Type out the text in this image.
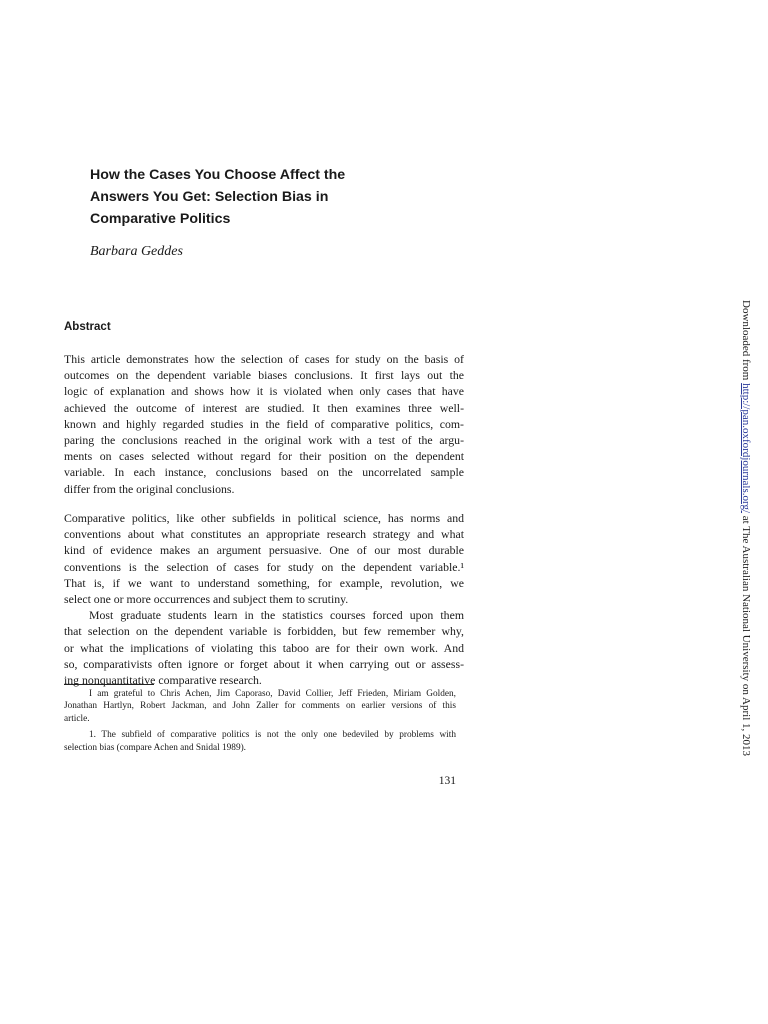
How the Cases You Choose Affect the
Answers You Get: Selection Bias in
Comparative Politics
Barbara Geddes
Abstract
This article demonstrates how the selection of cases for study on the basis of
outcomes on the dependent variable biases conclusions. It first lays out the
logic of explanation and shows how it is violated when only cases that have
achieved the outcome of interest are studied. It then examines three well-
known and highly regarded studies in the field of comparative politics, com-
paring the conclusions reached in the original work with a test of the argu-
ments on cases selected without regard for their position on the dependent
variable. In each instance, conclusions based on the uncorrelated sample
differ from the original conclusions.
Comparative politics, like other subfields in political science, has norms and
conventions about what constitutes an appropriate research strategy and what
kind of evidence makes an argument persuasive. One of our most durable
conventions is the selection of cases for study on the dependent variable.¹
That is, if we want to understand something, for example, revolution, we
select one or more occurrences and subject them to scrutiny.
Most graduate students learn in the statistics courses forced upon them
that selection on the dependent variable is forbidden, but few remember why,
or what the implications of violating this taboo are for their own work. And
so, comparativists often ignore or forget about it when carrying out or assess-
ing nonquantitative comparative research.
I am grateful to Chris Achen, Jim Caporaso, David Collier, Jeff Frieden, Miriam Golden,
Jonathan Hartlyn, Robert Jackman, and John Zaller for comments on earlier versions of this
article.
1. The subfield of comparative politics is not the only one bedeviled by problems with
selection bias (compare Achen and Snidal 1989).
131
Downloaded from http://pan.oxfordjournals.org/ at The Australian National University on April 1, 2013
